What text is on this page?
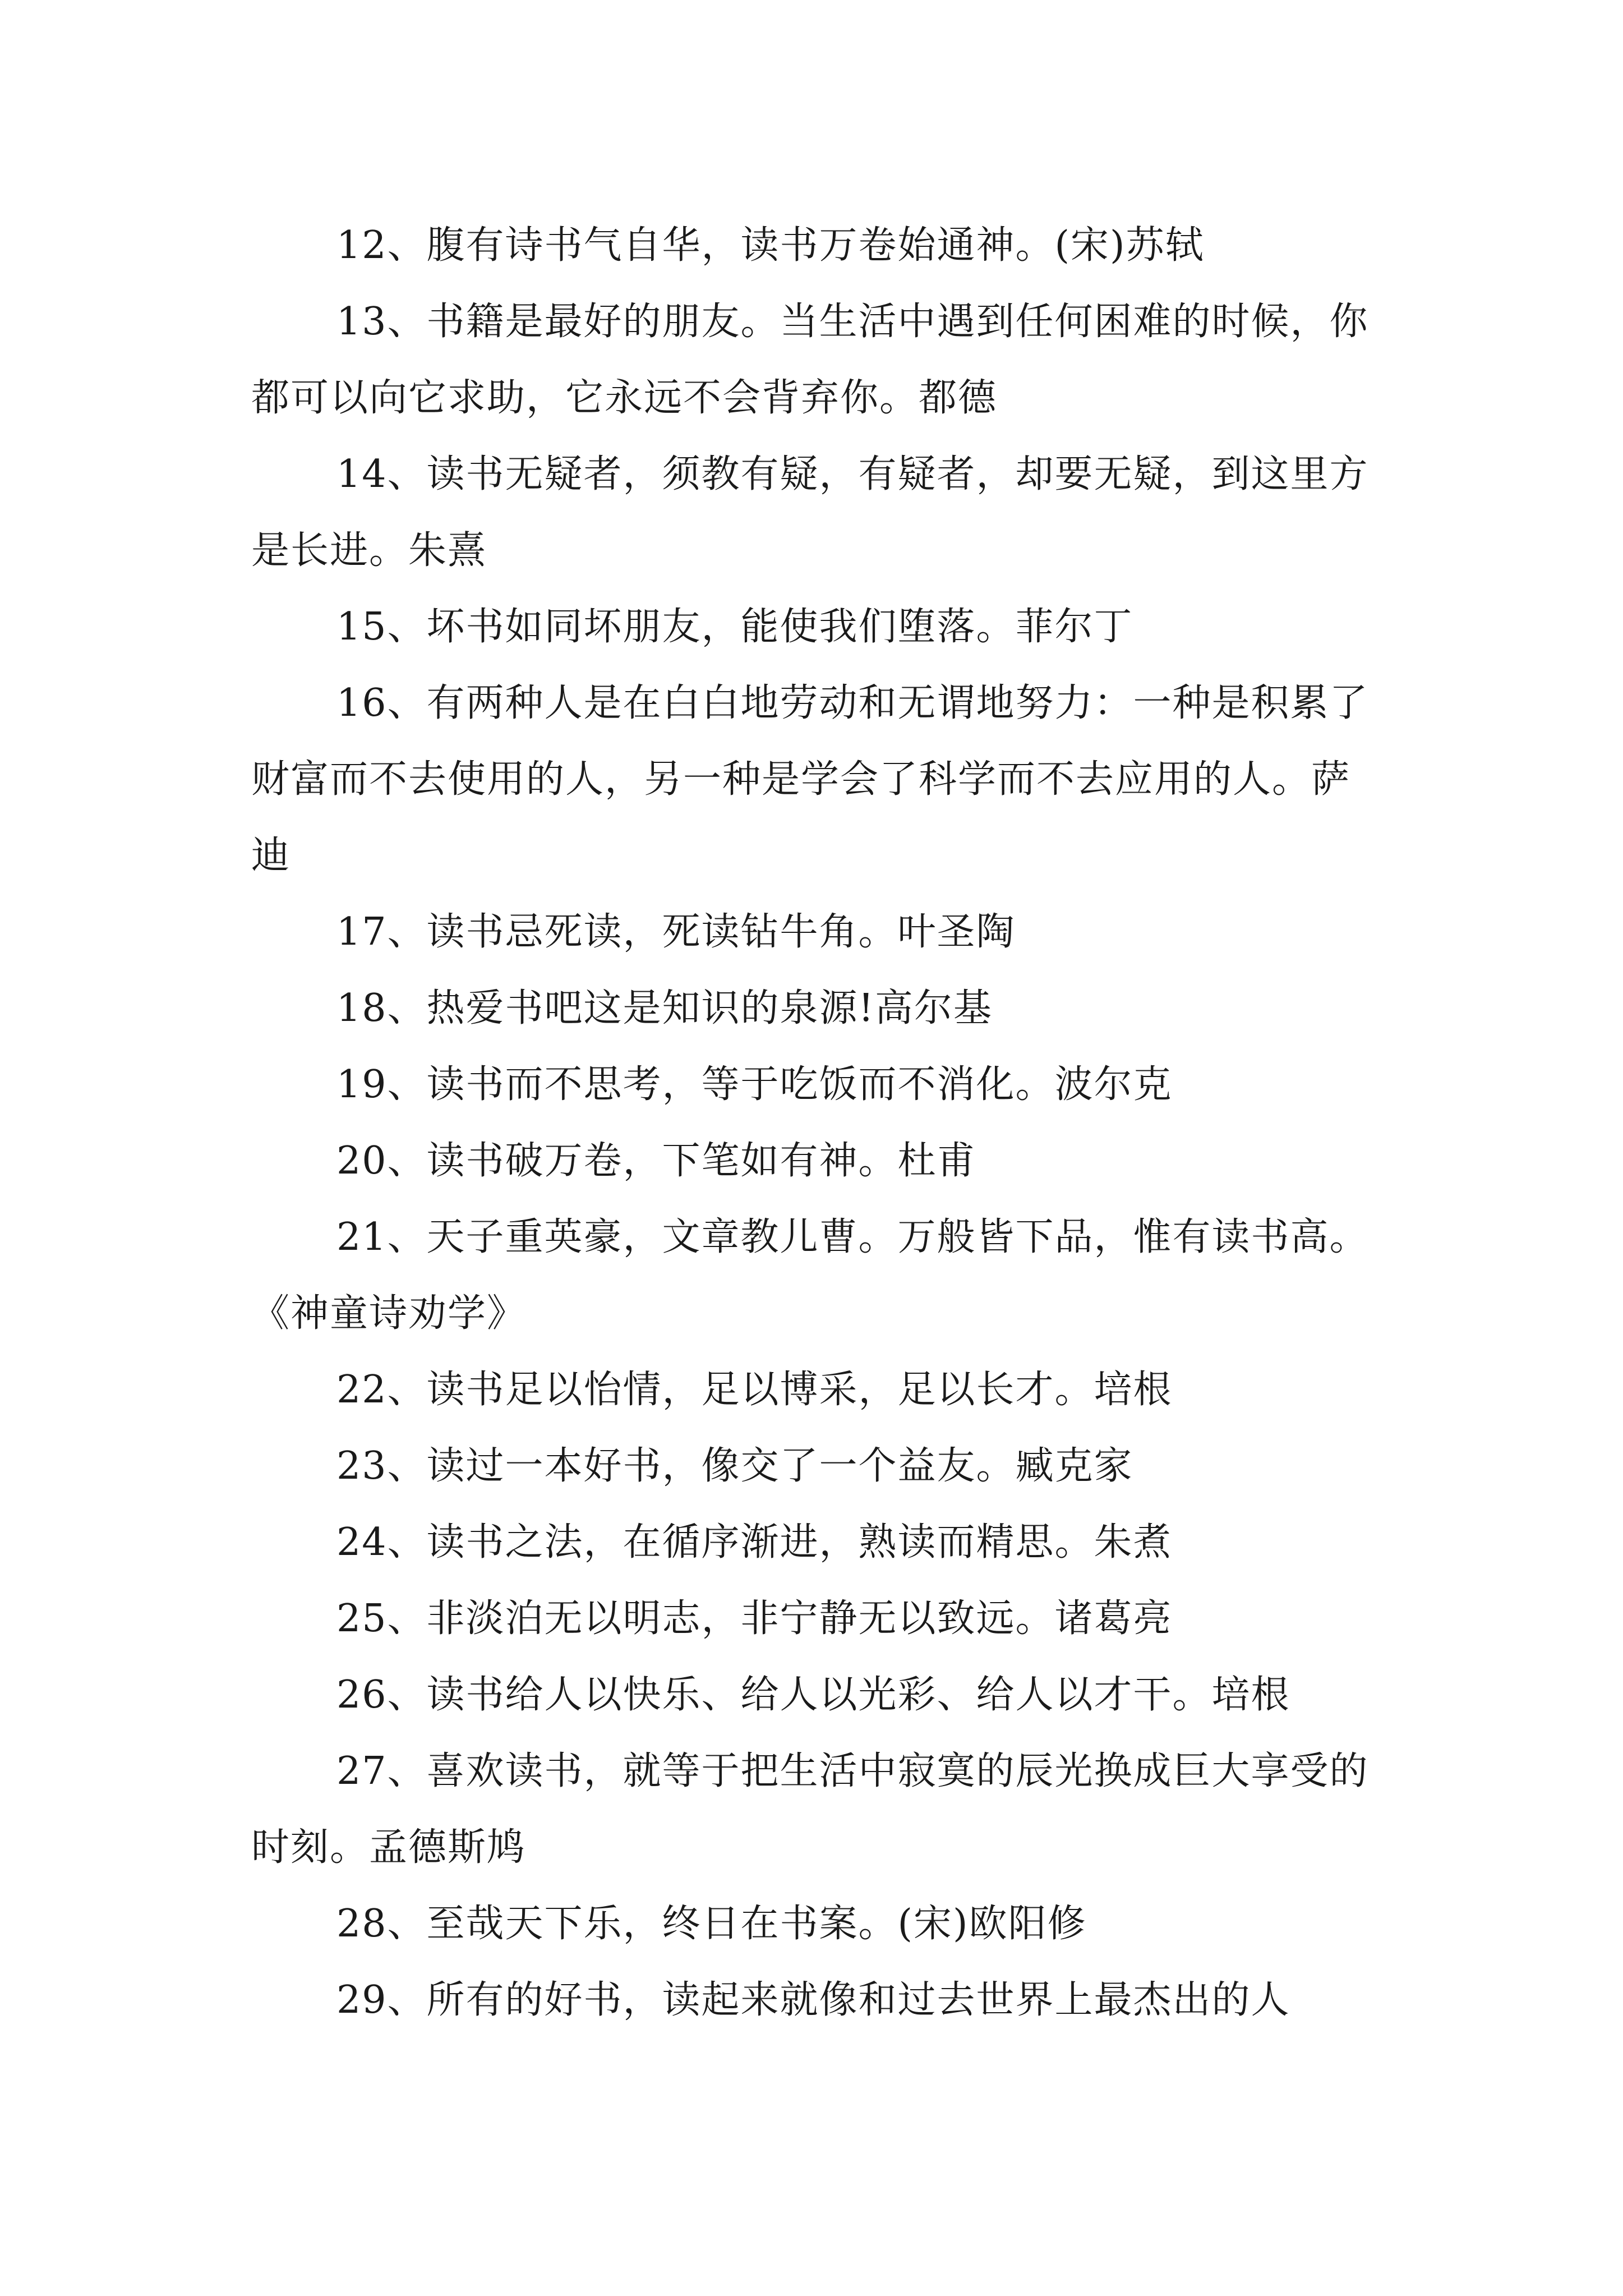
12、腹有诗书气自华，读书万卷始通神。(宋)苏轼

13、书籍是最好的朋友。当生活中遇到任何困难的时候，你都可以向它求助，它永远不会背弃你。都德

14、读书无疑者，须教有疑，有疑者，却要无疑，到这里方是长进。朱熹

15、坏书如同坏朋友，能使我们堕落。菲尔丁

16、有两种人是在白白地劳动和无谓地努力：一种是积累了财富而不去使用的人，另一种是学会了科学而不去应用的人。萨迪

17、读书忌死读，死读钻牛角。叶圣陶

18、热爱书吧这是知识的泉源!高尔基

19、读书而不思考，等于吃饭而不消化。波尔克

20、读书破万卷，下笔如有神。杜甫

21、天子重英豪，文章教儿曹。万般皆下品，惟有读书高。《神童诗劝学》

22、读书足以怡情，足以博采，足以长才。培根

23、读过一本好书，像交了一个益友。臧克家

24、读书之法，在循序渐进，熟读而精思。朱煮

25、非淡泊无以明志，非宁静无以致远。诸葛亮

26、读书给人以快乐、给人以光彩、给人以才干。培根

27、喜欢读书，就等于把生活中寂寞的辰光换成巨大享受的时刻。孟德斯鸠

28、至哉天下乐，终日在书案。(宋)欧阳修

29、所有的好书，读起来就像和过去世界上最杰出的人
